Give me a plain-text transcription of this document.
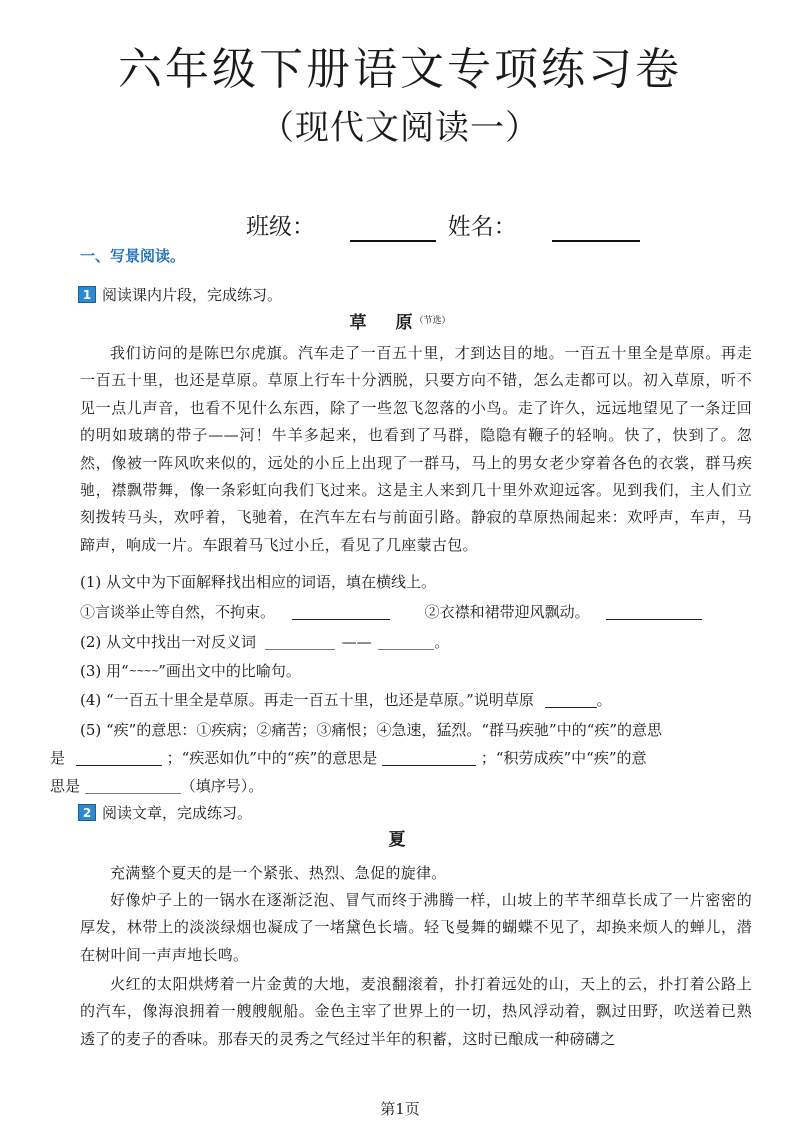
六年级下册语文专项练习卷
（现代文阅读一）
班级：	姓名：
一、写景阅读。
1 阅读课内片段，完成练习。
草　原$^{(节选)}$
我们访问的是陈巴尔虎旗。汽车走了一百五十里，才到达目的地。一百五十里全是草原。再走一百五十里，也还是草原。草原上行车十分洒脱，只要方向不错，怎么走都可以。初入草原，听不见一点儿声音，也看不见什么东西，除了一些忽飞忽落的小鸟。走了许久，远远地望见了一条迂回的明如玻璃的带子——河！牛羊多起来，也看到了马群，隐隐有鞭子的轻响。快了，快到了。忽然，像被一阵风吹来似的，远处的小丘上出现了一群马，马上的男女老少穿着各色的衣裳，群马疾驰，襟飘带舞，像一条彩虹向我们飞过来。这是主人来到几十里外欢迎远客。见到我们，主人们立刻拨转马头，欢呼着，飞驰着，在汽车左右与前面引路。静寂的草原热闹起来：欢呼声，车声，马蹄声，响成一片。车跟着马飞过小丘，看见了几座蒙古包。
(1) 从文中为下面解释找出相应的词语，填在横线上。
①言谈举止等自然，不拘束。	②衣襟和裙带迎风飘动。
(2) 从文中找出一对反义词	——	。
(3) 用“~~~~”画出文中的比喻句。
(4) “一百五十里全是草原。再走一百五十里，也还是草原。”说明草原	。
(5) “疾”的意思：①疾病；②痛苦；③痛恨；④急速，猛烈。“群马疾驰”中的“疾”的意思
是	；“疾恶如仇”中的“疾”的意思是	；“积劳成疾”中“疾”的意
思是	（填序号）。
2 阅读文章，完成练习。
夏
充满整个夏天的是一个紧张、热烈、急促的旋律。
好像炉子上的一锅水在逐渐泛泡、冒气而终于沸腾一样，山坡上的芊芊细草长成了一片密密的厚发，林带上的淡淡绿烟也凝成了一堵黛色长墙。轻飞曼舞的蝴蝶不见了，却换来烦人的蝉儿，潜在树叶间一声声地长鸣。
火红的太阳烘烤着一片金黄的大地，麦浪翻滚着，扑打着远处的山，天上的云，扑打着公路上的汽车，像海浪拥着一艘艘舰船。金色主宰了世界上的一切，热风浮动着，飘过田野，吹送着已熟透了的麦子的香味。那春天的灵秀之气经过半年的积蓄，这时已酿成一种磅礴之
第1页
